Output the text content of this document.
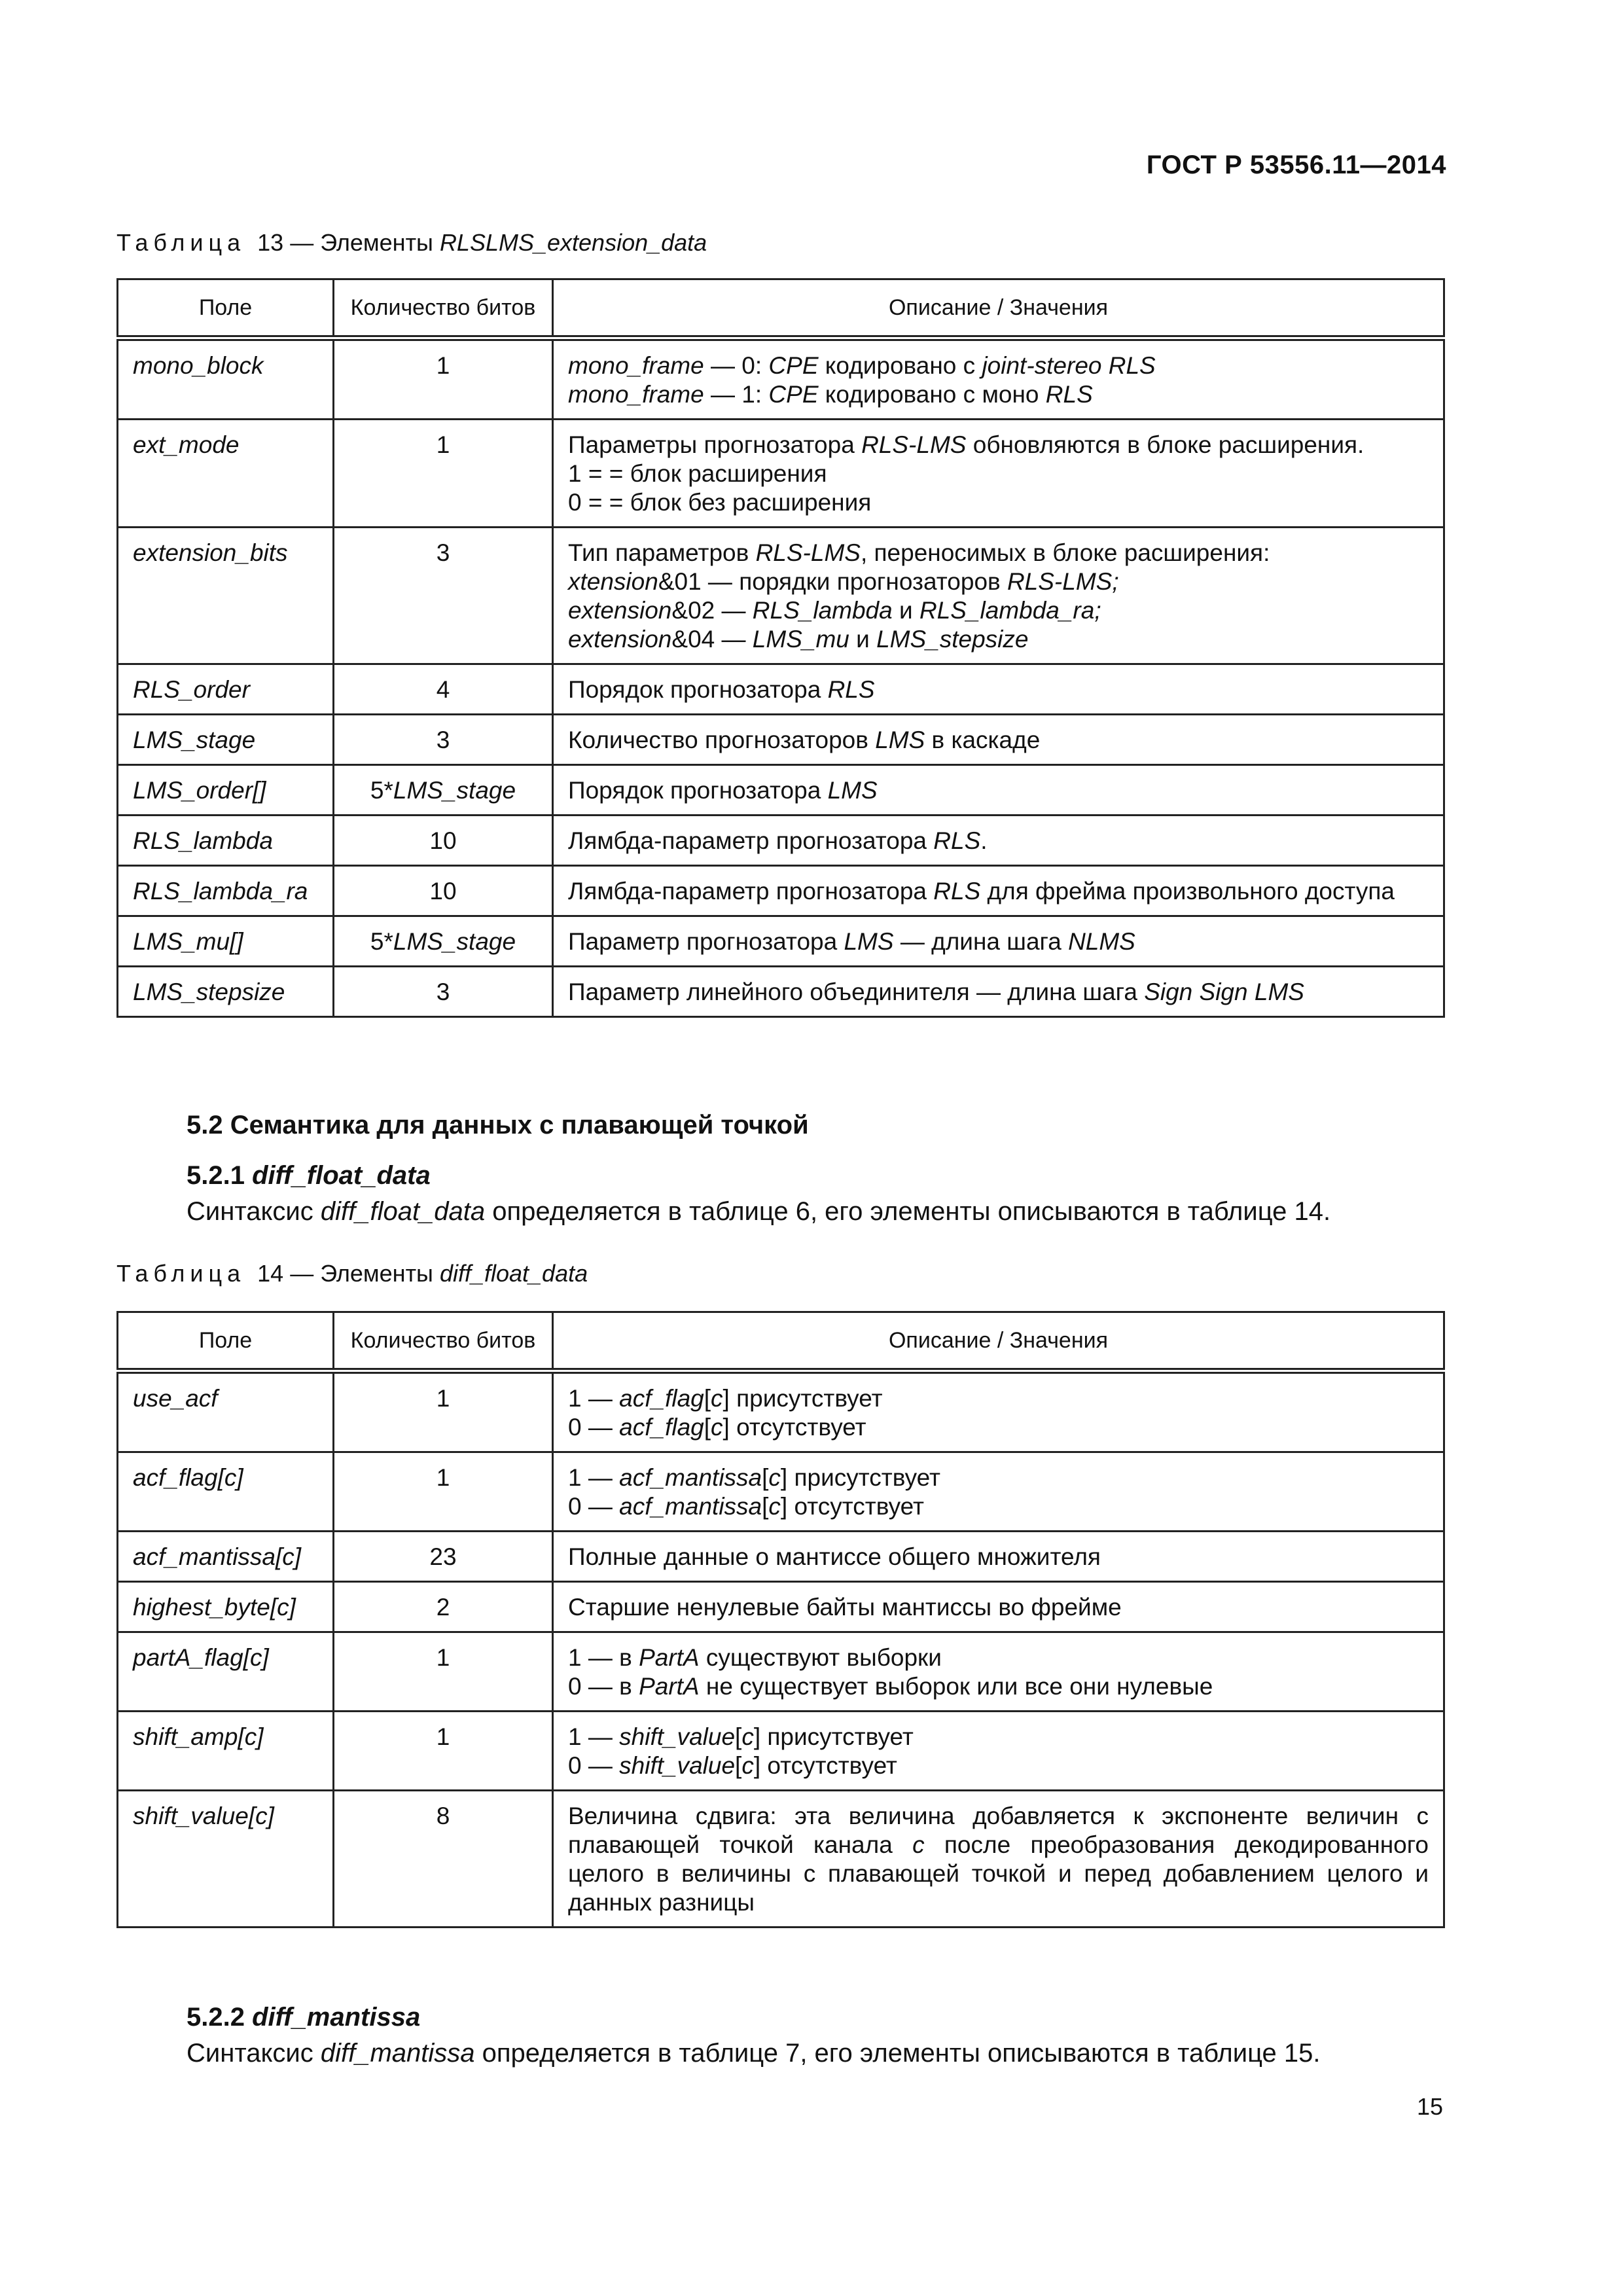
ГОСТ Р 53556.11—2014
Таблица 13 — Элементы RLSLMS_extension_data
Поле	Количество битов	Описание / Значения
mono_block	1	mono_frame — 0: CPE кодировано с joint-stereo RLS
mono_frame — 1: CPE кодировано с моно RLS

ext_mode	1	Параметры прогнозатора RLS-LMS обновляются в блоке расширения.
1 = = блок расширения
0 = = блок без расширения

extension_bits	3	Тип параметров RLS-LMS, переносимых в блоке расширения:
xtension&01 — порядки прогнозаторов RLS-LMS;
extension&02 — RLS_lambda и RLS_lambda_ra;
extension&04 — LMS_mu и LMS_stepsize

RLS_order	4	Порядок прогнозатора RLS

LMS_stage	3	Количество прогнозаторов LMS в каскаде

LMS_order[]	5*LMS_stage	Порядок прогнозатора LMS

RLS_lambda	10	Лямбда-параметр прогнозатора RLS.

RLS_lambda_ra	10	Лямбда-параметр прогнозатора RLS для фрейма произвольного доступа

LMS_mu[]	5*LMS_stage	Параметр прогнозатора LMS — длина шага NLMS

LMS_stepsize	3	Параметр линейного объединителя — длина шага Sign Sign LMS
5.2 Семантика для данных с плавающей точкой
5.2.1 diff_float_data
Синтаксис diff_float_data определяется в таблице 6, его элементы описываются в таблице 14.
Таблица 14 — Элементы diff_float_data
Поле	Количество битов	Описание / Значения
use_acf	1	1 — acf_flag[c] присутствует
0 — acf_flag[c] отсутствует

acf_flag[c]	1	1 — acf_mantissa[c] присутствует
0 — acf_mantissa[c] отсутствует

acf_mantissa[c]	23	Полные данные о мантиссе общего множителя

highest_byte[c]	2	Старшие ненулевые байты мантиссы во фрейме

partA_flag[c]	1	1 — в PartA существуют выборки
0 — в PartA не существует выборок или все они нулевые

shift_amp[c]	1	1 — shift_value[c] присутствует
0 — shift_value[c] отсутствует

shift_value[c]	8	Величина сдвига: эта величина добавляется к экспоненте величин с плавающей точкой канала c после преобразования декодированного целого в величины с плавающей точкой и перед добавлением целого и данных разницы
5.2.2 diff_mantissa
Синтаксис diff_mantissa определяется в таблице 7, его элементы описываются в таблице 15.
15
